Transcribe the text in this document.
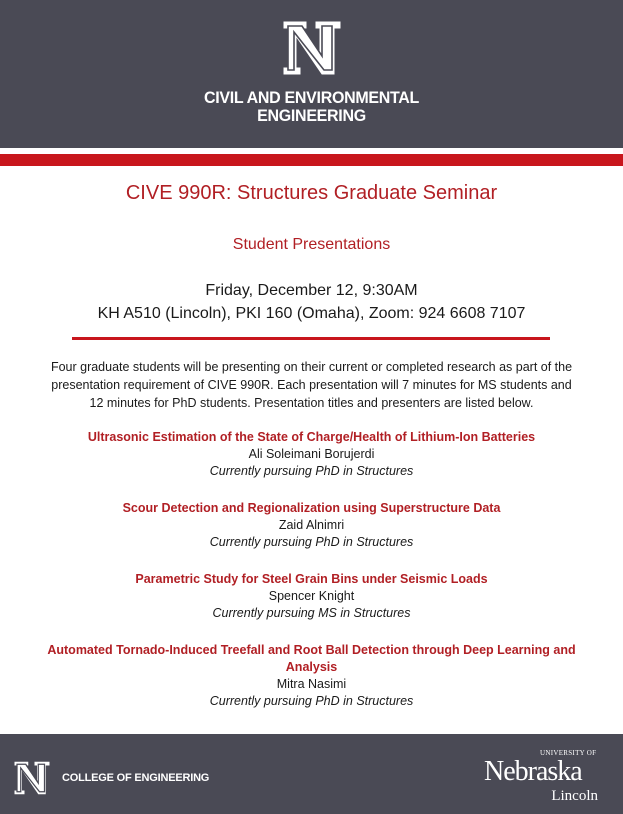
CIVIL AND ENVIRONMENTAL
ENGINEERING
CIVE 990R: Structures Graduate Seminar
Student Presentations
Friday, December 12, 9:30AM
KH A510 (Lincoln), PKI 160 (Omaha), Zoom: 924 6608 7107
Four graduate students will be presenting on their current or completed research as part of the
presentation requirement of CIVE 990R. Each presentation will 7 minutes for MS students and
12 minutes for PhD students. Presentation titles and presenters are listed below.
Ultrasonic Estimation of the State of Charge/Health of Lithium-Ion Batteries
Ali Soleimani Borujerdi
Currently pursuing PhD in Structures
Scour Detection and Regionalization using Superstructure Data
Zaid Alnimri
Currently pursuing PhD in Structures
Parametric Study for Steel Grain Bins under Seismic Loads
Spencer Knight
Currently pursuing MS in Structures
Automated Tornado-Induced Treefall and Root Ball Detection through Deep Learning and
Analysis
Mitra Nasimi
Currently pursuing PhD in Structures
COLLEGE OF ENGINEERING
UNIVERSITY OF
Nebraska
Lincoln
